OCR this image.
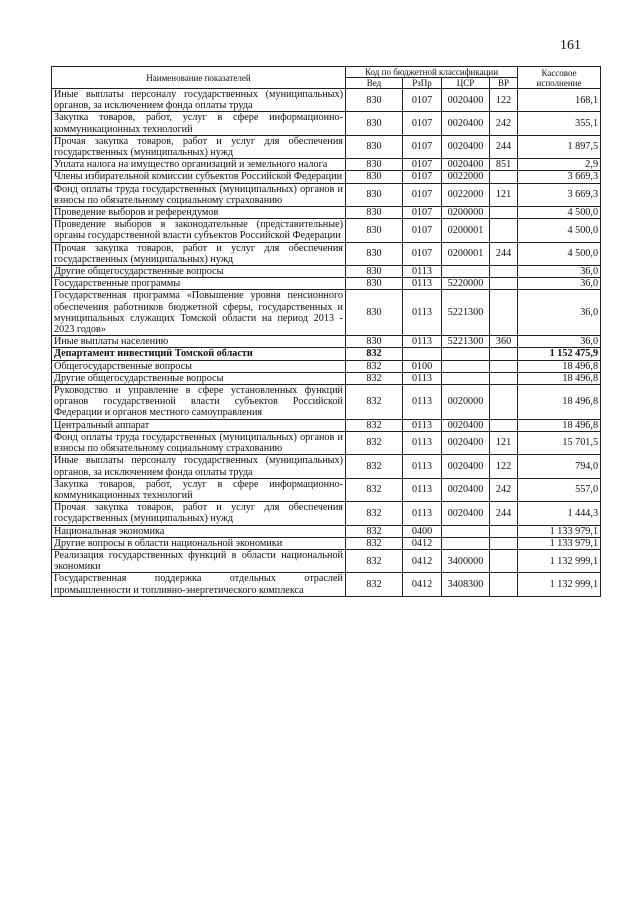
161
Наименование показателей	Код по бюджетной классификации				Кассовое исполнение
	Вед	РзПр	ЦСР	ВР	
Иные выплаты персоналу государственных (муниципальных) органов, за исключением фонда оплаты труда	830	0107	0020400	122	168,1
Закупка товаров, работ, услуг в сфере информационно-коммуникационных технологий	830	0107	0020400	242	355,1
Прочая закупка товаров, работ и услуг для обеспечения государственных (муниципальных) нужд	830	0107	0020400	244	1 897,5
Уплата налога на имущество организаций и земельного налога	830	0107	0020400	851	2,9
Члены избирательной комиссии субъектов Российской Федерации	830	0107	0022000		3 669,3
Фонд оплаты труда государственных (муниципальных) органов и взносы по обязательному социальному страхованию	830	0107	0022000	121	3 669,3
Проведение выборов и референдумов	830	0107	0200000		4 500,0
Проведение выборов в законодательные (представительные) органы государственной власти субъектов Российской Федерации	830	0107	0200001		4 500,0
Прочая закупка товаров, работ и услуг для обеспечения государственных (муниципальных) нужд	830	0107	0200001	244	4 500,0
Другие общегосударственные вопросы	830	0113			36,0
Государственные программы	830	0113	5220000		36,0
Государственная программа «Повышение уровня пенсионного обеспечения работников бюджетной сферы, государственных и муниципальных служащих Томской области на период 2013 - 2023 годов»	830	0113	5221300		36,0
Иные выплаты населению	830	0113	5221300	360	36,0
Департамент инвестиций Томской области	832				1 152 475,9
Общегосударственные вопросы	832	0100			18 496,8
Другие общегосударственные вопросы	832	0113			18 496,8
Руководство и управление в сфере установленных функций органов государственной власти субъектов Российской Федерации и органов местного самоуправления	832	0113	0020000		18 496,8
Центральный аппарат	832	0113	0020400		18 496,8
Фонд оплаты труда государственных (муниципальных) органов и взносы по обязательному социальному страхованию	832	0113	0020400	121	15 701,5
Иные выплаты персоналу государственных (муниципальных) органов, за исключением фонда оплаты труда	832	0113	0020400	122	794,0
Закупка товаров, работ, услуг в сфере информационно-коммуникационных технологий	832	0113	0020400	242	557,0
Прочая закупка товаров, работ и услуг для обеспечения государственных (муниципальных) нужд	832	0113	0020400	244	1 444,3
Национальная экономика	832	0400			1 133 979,1
Другие вопросы в области национальной экономики	832	0412			1 133 979,1
Реализация государственных функций в области национальной экономики	832	0412	3400000		1 132 999,1
Государственная поддержка отдельных отраслей промышленности и топливно-энергетического комплекса	832	0412	3408300		1 132 999,1
